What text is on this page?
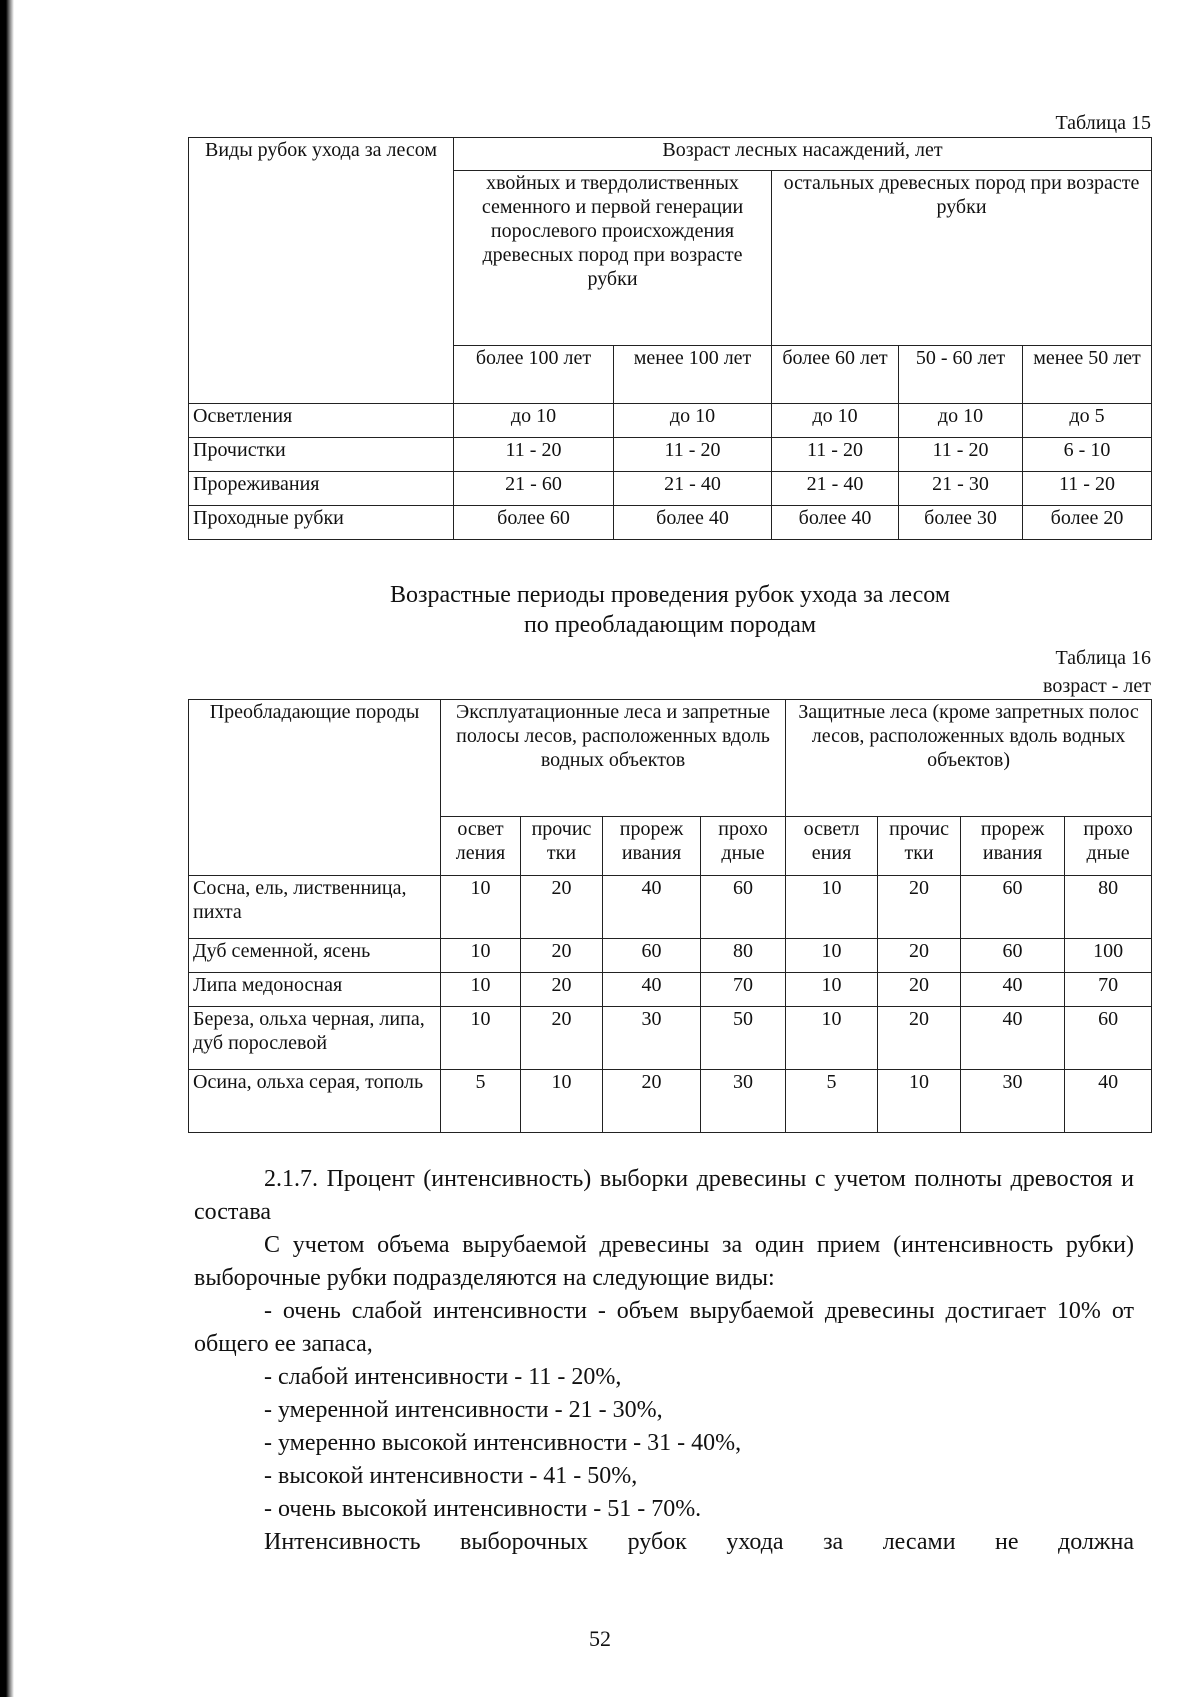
Таблица 15
Виды рубок ухода за лесом	Возраст лесных насаждений, лет				
	хвойных и твердолиственных семенного и первой генерации порослевого происхождения древесных пород при возрасте рубки		остальных древесных пород при возрасте рубки		
	более 100 лет	менее 100 лет	более 60 лет	50 - 60 лет	менее 50 лет
Осветления	до 10	до 10	до 10	до 10	до 5
Прочистки	11 - 20	11 - 20	11 - 20	11 - 20	6 - 10
Прореживания	21 - 60	21 - 40	21 - 40	21 - 30	11 - 20
Проходные рубки	более 60	более 40	более 40	более 30	более 20
Возрастные периоды проведения рубок ухода за лесом
по преобладающим породам
Таблица 16
возраст - лет
Преобладающие породы	Эксплуатационные леса и запретные полосы лесов, расположенных вдоль водных объектов				Защитные леса (кроме запретных полос лесов, расположенных вдоль водных объектов)			
	освет ления	прочис тки	прореж ивания	прохо дные	осветл ения	прочис тки	прореж ивания	прохо дные
Сосна, ель, лиственница, пихта	10	20	40	60	10	20	60	80
Дуб семенной, ясень	10	20	60	80	10	20	60	100
Липа медоносная	10	20	40	70	10	20	40	70
Береза, ольха черная, липа, дуб порослевой	10	20	30	50	10	20	40	60
Осина, ольха серая, тополь	5	10	20	30	5	10	30	40

2.1.7. Процент (интенсивность) выборки древесины с учетом полноты древостоя и состава

С учетом объема вырубаемой древесины за один прием (интенсивность рубки) выборочные рубки подразделяются на следующие виды:

- очень слабой интенсивности - объем вырубаемой древесины достигает 10% от общего ее запаса,

- слабой интенсивности - 11 - 20%,

- умеренной интенсивности - 21 - 30%,

- умеренно высокой интенсивности - 31 - 40%,

- высокой интенсивности - 41 - 50%,

- очень высокой интенсивности - 51 - 70%.

Интенсивность выборочных рубок ухода за лесами не должна

52
